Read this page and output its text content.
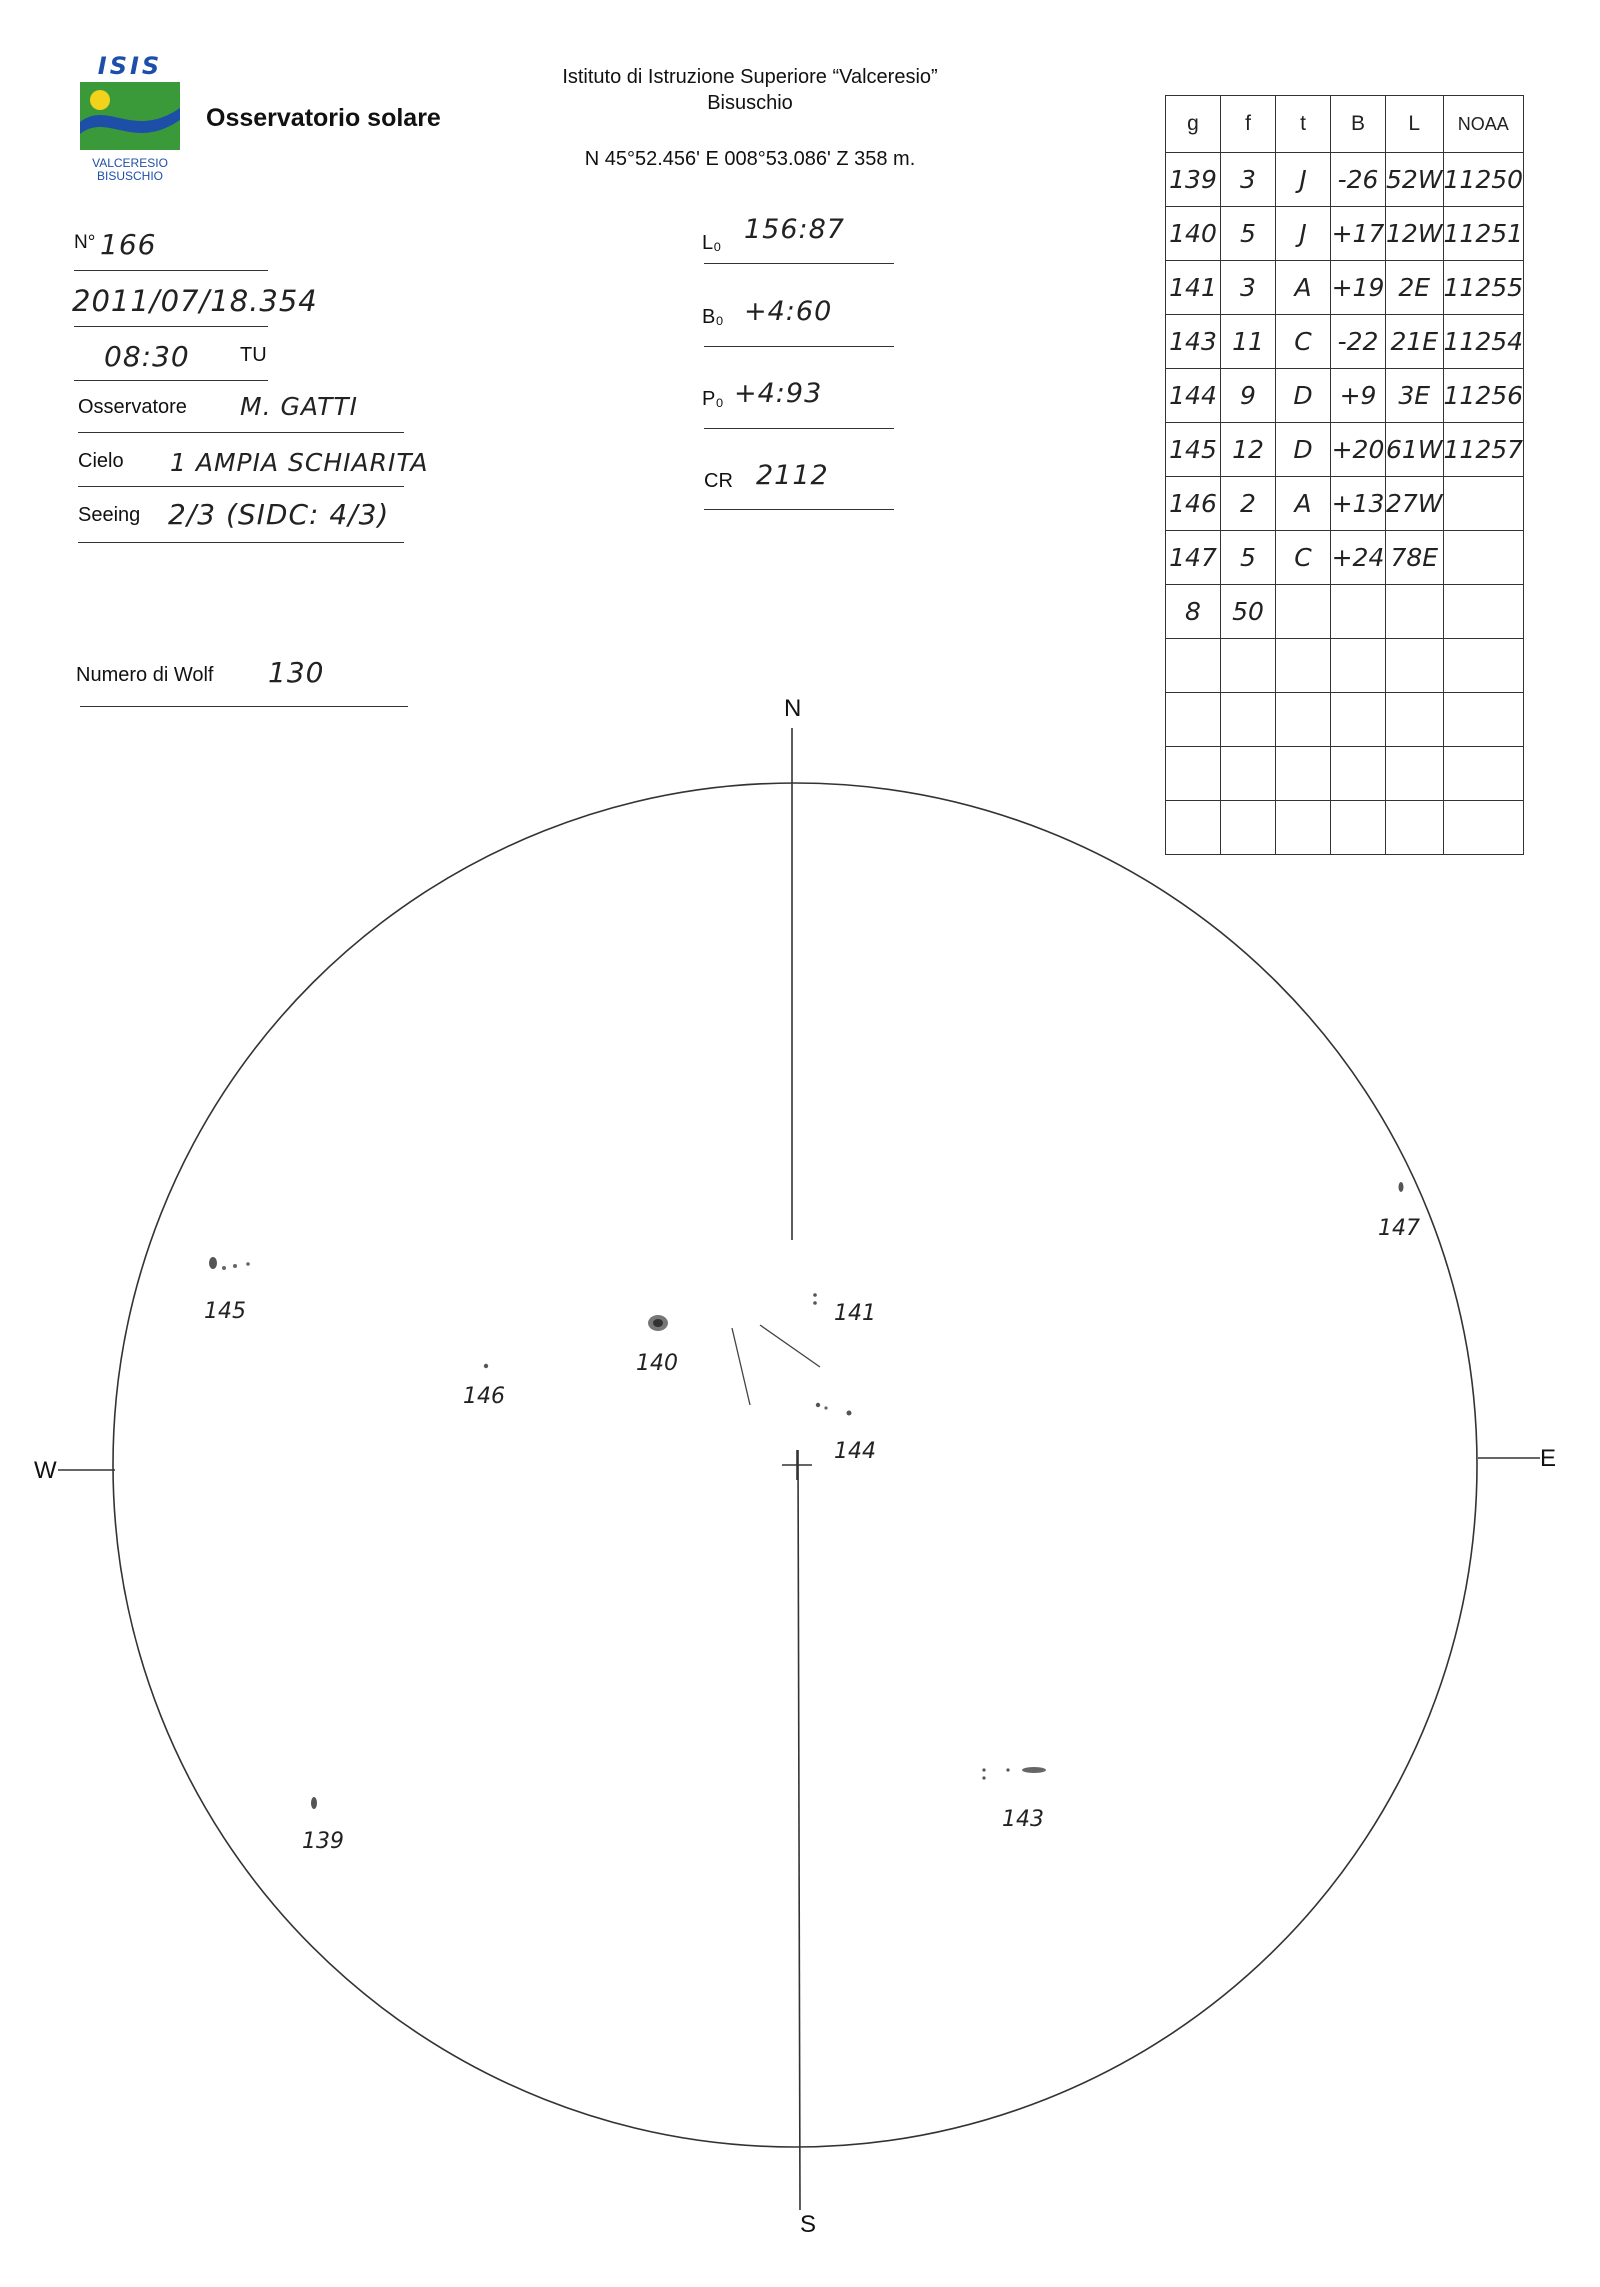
ISIS
VALCERESIO
BISUSCHIO
Osservatorio solare
Istituto di Istruzione Superiore “Valceresio”
Bisuschio
N 45°52.456' E 008°53.086' Z 358 m.
N° 166
2011/07/18.354
08:30	TU
Osservatore M. GATTI
Cielo 1 AMPIA SCHIARITA
Seeing 2/3 (SIDC: 4/3)
Numero di Wolf 130
L₀ 156:87
B₀ +4:60
P₀ +4:93
CR 2112
g	f	t	B	L	NOAA
139	3	J	-26	52W	11250
140	5	J	+17	12W	11251
141	3	A	+19	2E	11255
143	11	C	-22	21E	11254
144	9	D	+9	3E	11256
145	12	D	+20	61W	11257
146	2	A	+13	27W	
147	5	C	+24	78E	
8	50				

N
S
E
W
145
140
141
146
144
147
139
143
